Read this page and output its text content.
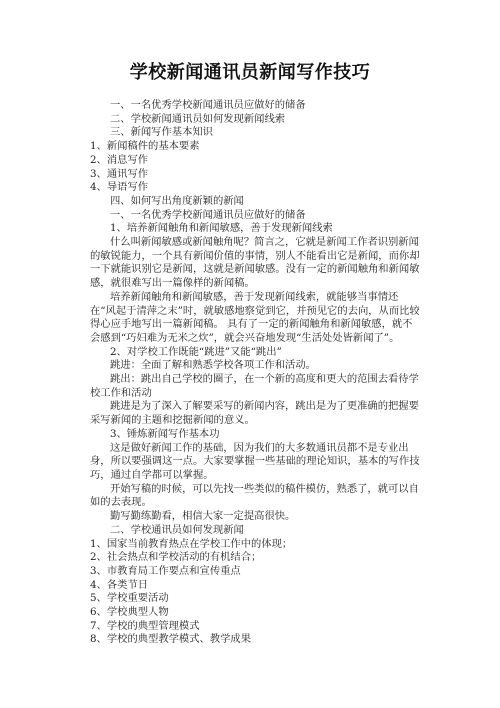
学校新闻通讯员新闻写作技巧

一、一名优秀学校新闻通讯员应做好的储备

二、学校新闻通讯员如何发现新闻线索

三、新闻写作基本知识

1、新闻稿件的基本要素

2、消息写作

3、通讯写作

4、导语写作

四、如何写出角度新颖的新闻

一、一名优秀学校新闻通讯员应做好的储备

1、培养新闻触角和新闻敏感，善于发现新闻线索

什么叫新闻敏感或新闻触角呢？简言之，它就是新闻工作者识别新闻的敏锐能力，一个具有新闻价值的事情，别人不能看出它是新闻，而你却一下就能识别它是新闻，这就是新闻敏感。没有一定的新闻触角和新闻敏感，就很难写出一篇像样的新闻稿。

培养新闻触角和新闻敏感，善于发现新闻线索，就能够当事情还在“风起于清萍之末”时，就敏感地察觉到它，并预见它的去向，从而比较得心应手地写出一篇新闻稿。 具有了一定的新闻触角和新闻敏感，就不会感到“巧妇难为无米之炊”，就会兴奋地发现“生活处处皆新闻了”。

2、对学校工作既能“跳进”又能“跳出”

跳进：全面了解和熟悉学校各项工作和活动。

跳出：跳出自己学校的圈子，在一个新的高度和更大的范围去看待学校工作和活动

跳进是为了深入了解要采写的新闻内容，跳出是为了更准确的把握要采写新闻的主题和挖掘新闻的意义。

3、锤炼新闻写作基本功

这是做好新闻工作的基础，因为我们的大多数通讯员都不是专业出身，所以要强调这一点。大家要掌握一些基础的理论知识，基本的写作技巧，通过自学都可以掌握。

开始写稿的时候，可以先找一些类似的稿件模仿，熟悉了，就可以自如的去表现。

勤写勤练勤看，相信大家一定提高很快。

二、学校通讯员如何发现新闻

1、国家当前教育热点在学校工作中的体现；

2、社会热点和学校活动的有机结合；

3、市教育局工作要点和宣传重点

4、各类节日

5、学校重要活动

6、学校典型人物

7、学校的典型管理模式

8、学校的典型教学模式、教学成果
